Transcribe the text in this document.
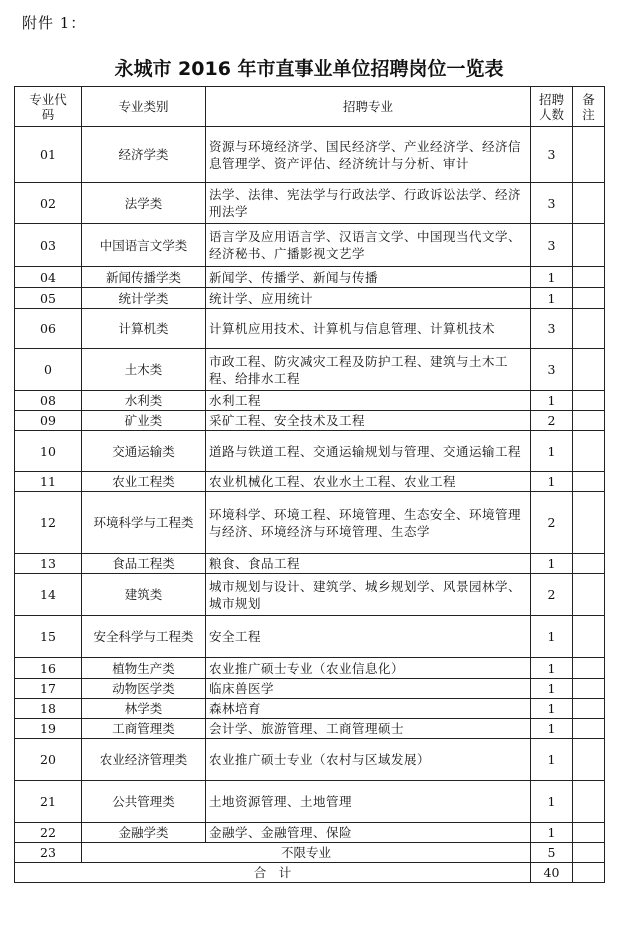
附件 1：
永城市 2016 年市直事业单位招聘岗位一览表
专业代码	专业类别	招聘专业	招聘人数	备注
01	经济学类	资源与环境经济学、国民经济学、产业经济学、经济信息管理学、资产评估、经济统计与分析、审计	3	
02	法学类	法学、法律、宪法学与行政法学、行政诉讼法学、经济刑法学	3	
03	中国语言文学类	语言学及应用语言学、汉语言文学、中国现当代文学、经济秘书、广播影视文艺学	3	
04	新闻传播学类	新闻学、传播学、新闻与传播	1	
05	统计学类	统计学、应用统计	1	
06	计算机类	计算机应用技术、计算机与信息管理、计算机技术	3	
0	土木类	市政工程、防灾减灾工程及防护工程、建筑与土木工程、给排水工程	3	
08	水利类	水利工程	1	
09	矿业类	采矿工程、安全技术及工程	2	
10	交通运输类	道路与铁道工程、交通运输规划与管理、交通运输工程	1	
11	农业工程类	农业机械化工程、农业水土工程、农业工程	1	
12	环境科学与工程类	环境科学、环境工程、环境管理、生态安全、环境管理与经济、环境经济与环境管理、生态学	2	
13	食品工程类	粮食、食品工程	1	
14	建筑类	城市规划与设计、建筑学、城乡规划学、风景园林学、城市规划	2	
15	安全科学与工程类	安全工程	1	
16	植物生产类	农业推广硕士专业（农业信息化）	1	
17	动物医学类	临床兽医学	1	
18	林学类	森林培育	1	
19	工商管理类	会计学、旅游管理、工商管理硕士	1	
20	农业经济管理类	农业推广硕士专业（农村与区域发展）	1	
21	公共管理类	土地资源管理、土地管理	1	
22	金融学类	金融学、金融管理、保险	1	
23	不限专业		5	
合　计			40	
